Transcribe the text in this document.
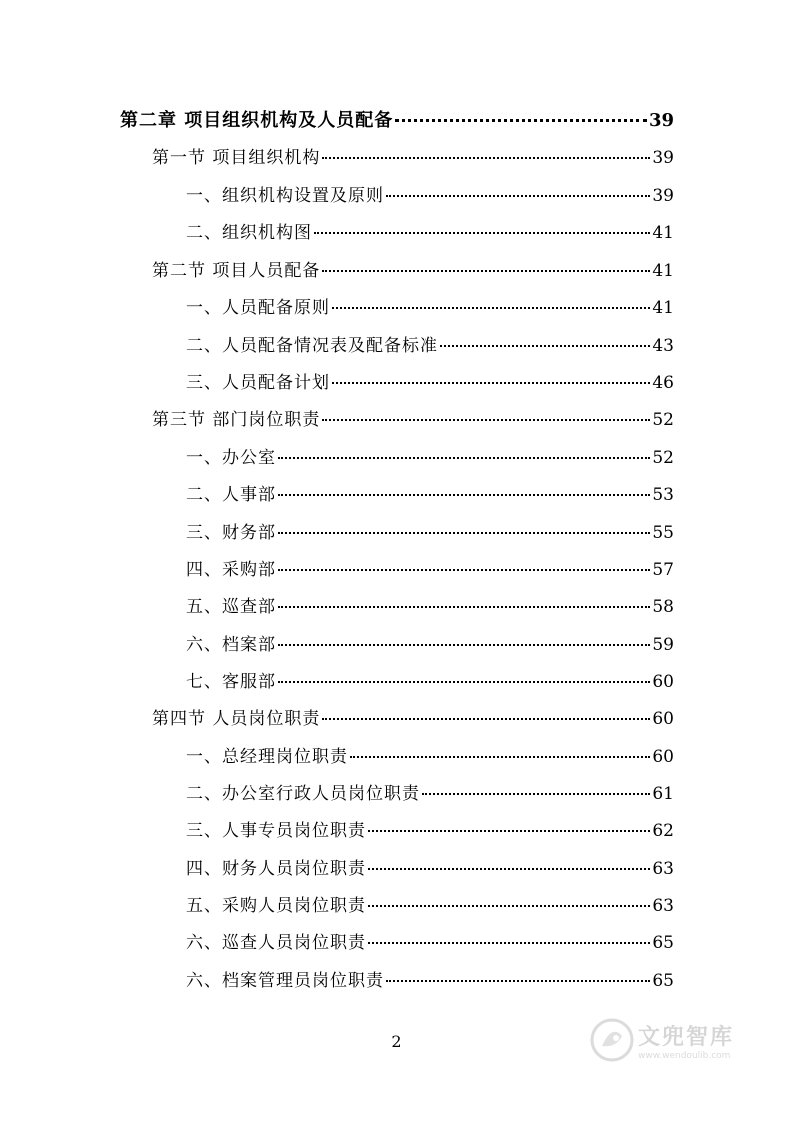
第二章 项目组织机构及人员配备	39
第一节 项目组织机构	39
一、组织机构设置及原则	39
二、组织机构图	41
第二节 项目人员配备	41
一、人员配备原则	41
二、人员配备情况表及配备标准	43
三、人员配备计划	46
第三节 部门岗位职责	52
一、办公室	52
二、人事部	53
三、财务部	55
四、采购部	57
五、巡查部	58
六、档案部	59
七、客服部	60
第四节 人员岗位职责	60
一、总经理岗位职责	60
二、办公室行政人员岗位职责	61
三、人事专员岗位职责	62
四、财务人员岗位职责	63
五、采购人员岗位职责	63
六、巡查人员岗位职责	65
六、档案管理员岗位职责	65
2	文兜智库
www.wendoulib.com
